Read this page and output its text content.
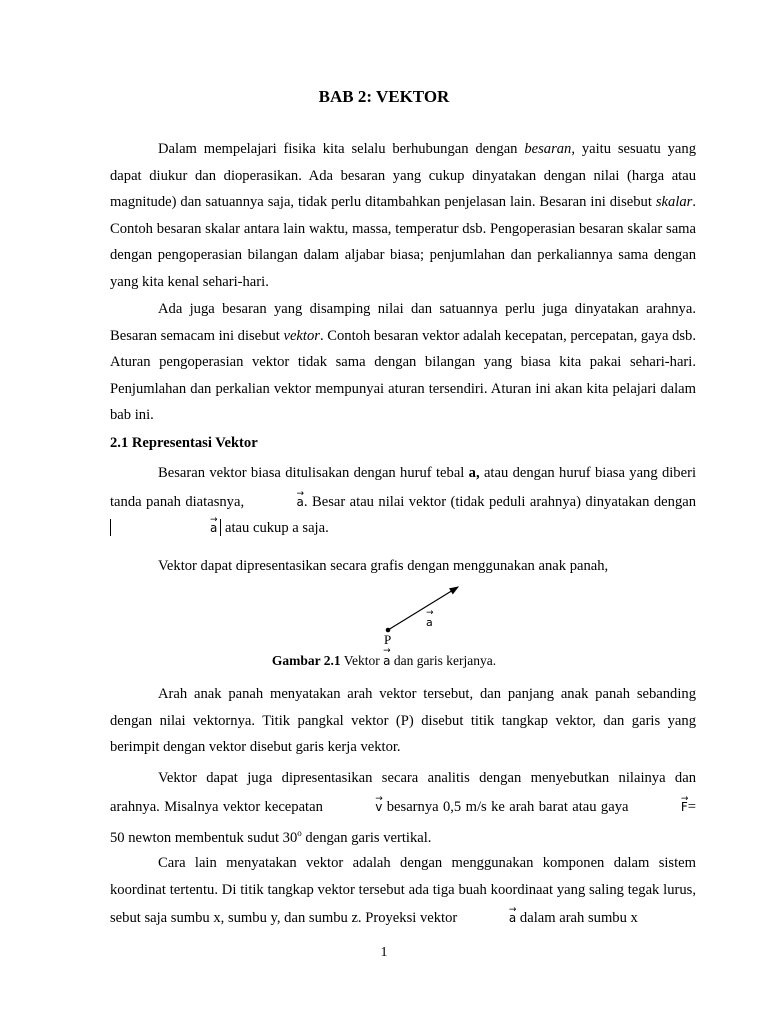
BAB 2: VEKTOR

Dalam mempelajari fisika kita selalu berhubungan dengan besaran, yaitu sesuatu yang dapat diukur dan dioperasikan. Ada besaran yang cukup dinyatakan dengan nilai (harga atau magnitude) dan satuannya saja, tidak perlu ditambahkan penjelasan lain. Besaran ini disebut skalar. Contoh besaran skalar antara lain waktu, massa, temperatur dsb. Pengoperasian besaran skalar sama dengan pengoperasian bilangan dalam aljabar biasa; penjumlahan dan perkaliannya sama dengan yang kita kenal sehari-hari.

Ada juga besaran yang disamping nilai dan satuannya perlu juga dinyatakan arahnya. Besaran semacam ini disebut vektor. Contoh besaran vektor adalah kecepatan, percepatan, gaya dsb. Aturan pengoperasian vektor tidak sama dengan bilangan yang biasa kita pakai sehari-hari. Penjumlahan dan perkalian vektor mempunyai aturan tersendiri. Aturan ini akan kita pelajari dalam bab ini.

2.1 Representasi Vektor

Besaran vektor biasa ditulisakan dengan huruf tebal a, atau dengan huruf biasa yang diberi tanda panah diatasnya,	→ a. Besar atau nilai vektor (tidak peduli arahnya) dinyatakan dengan → a atau cukup a saja.

Vektor dapat dipresentasikan secara grafis dengan menggunakan anak panah,

→ a
P
Gambar 2.1 Vektor → a dan garis kerjanya.

Arah anak panah menyatakan arah vektor tersebut, dan panjang anak panah sebanding dengan nilai vektornya. Titik pangkal vektor (P) disebut titik tangkap vektor, dan garis yang berimpit dengan vektor disebut garis kerja vektor.

Vektor dapat juga dipresentasikan secara analitis dengan menyebutkan nilainya dan arahnya. Misalnya vektor kecepatan	→ v besarnya 0,5 m/s ke arah barat atau gaya	→ F= 50 newton membentuk sudut 30$^o$ dengan garis vertikal.

Cara lain menyatakan vektor adalah dengan menggunakan komponen dalam sistem koordinat tertentu. Di titik tangkap vektor tersebut ada tiga buah koordinaat yang saling tegak lurus, sebut saja sumbu x, sumbu y, dan sumbu z. Proyeksi vektor	→ a dalam arah sumbu x

1
